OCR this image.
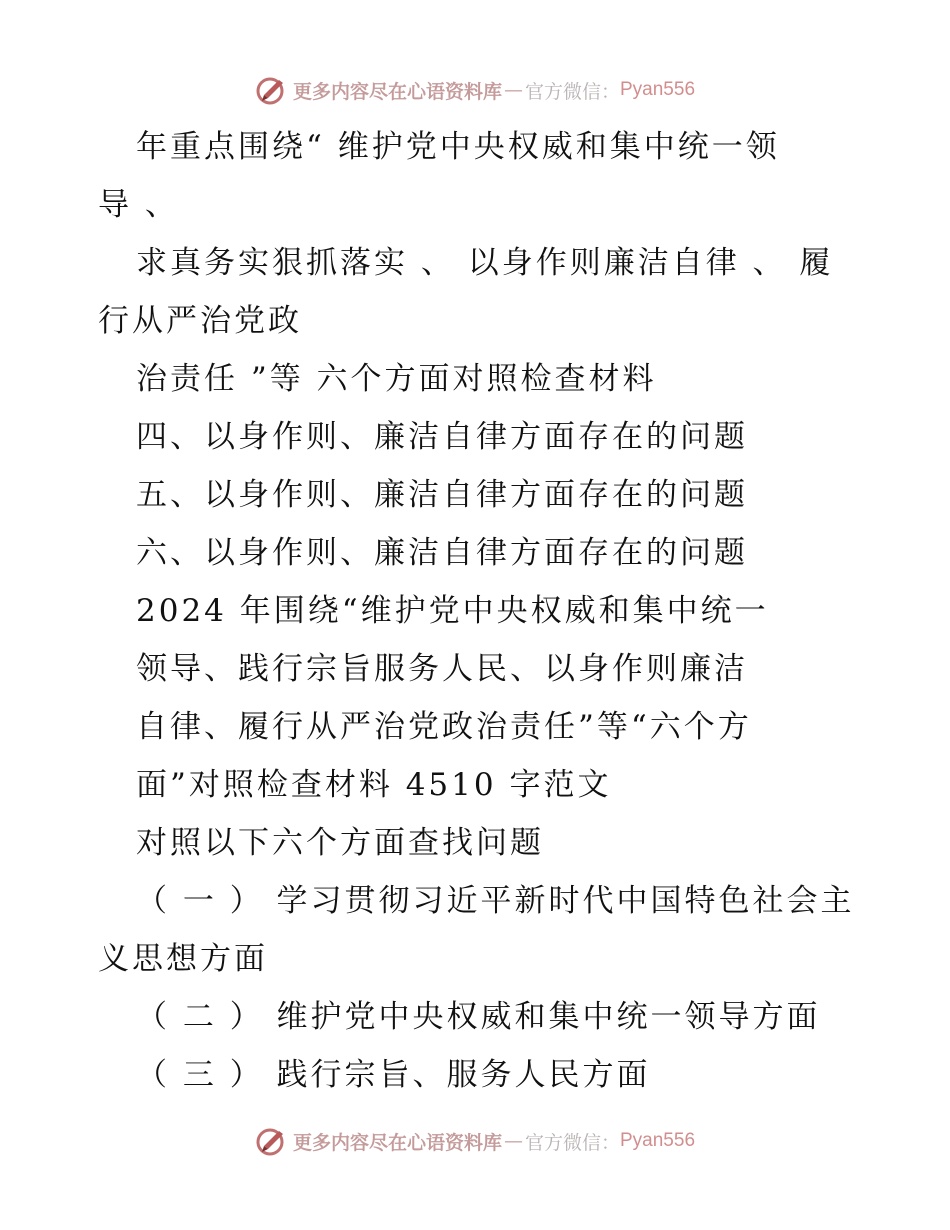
更多内容尽在心语资料库 — 官方微信： Pyan556
年重点围绕“ 维护党中央权威和集中统一领
导 、
求真务实狠抓落实 、 以身作则廉洁自律 、 履
行从严治党政
治责任 ”等 六个方面对照检查材料
四、以身作则、廉洁自律方面存在的问题
五、以身作则、廉洁自律方面存在的问题
六、以身作则、廉洁自律方面存在的问题
2024 年围绕“维护党中央权威和集中统一
领导、践行宗旨服务人民、以身作则廉洁
自律、履行从严治党政治责任”等“六个方
面”对照检查材料 4510 字范文
对照以下六个方面查找问题
（ 一 ） 学习贯彻习近平新时代中国特色社会主
义思想方面
（ 二 ） 维护党中央权威和集中统一领导方面
（ 三 ） 践行宗旨、服务人民方面
更多内容尽在心语资料库 — 官方微信： Pyan556
